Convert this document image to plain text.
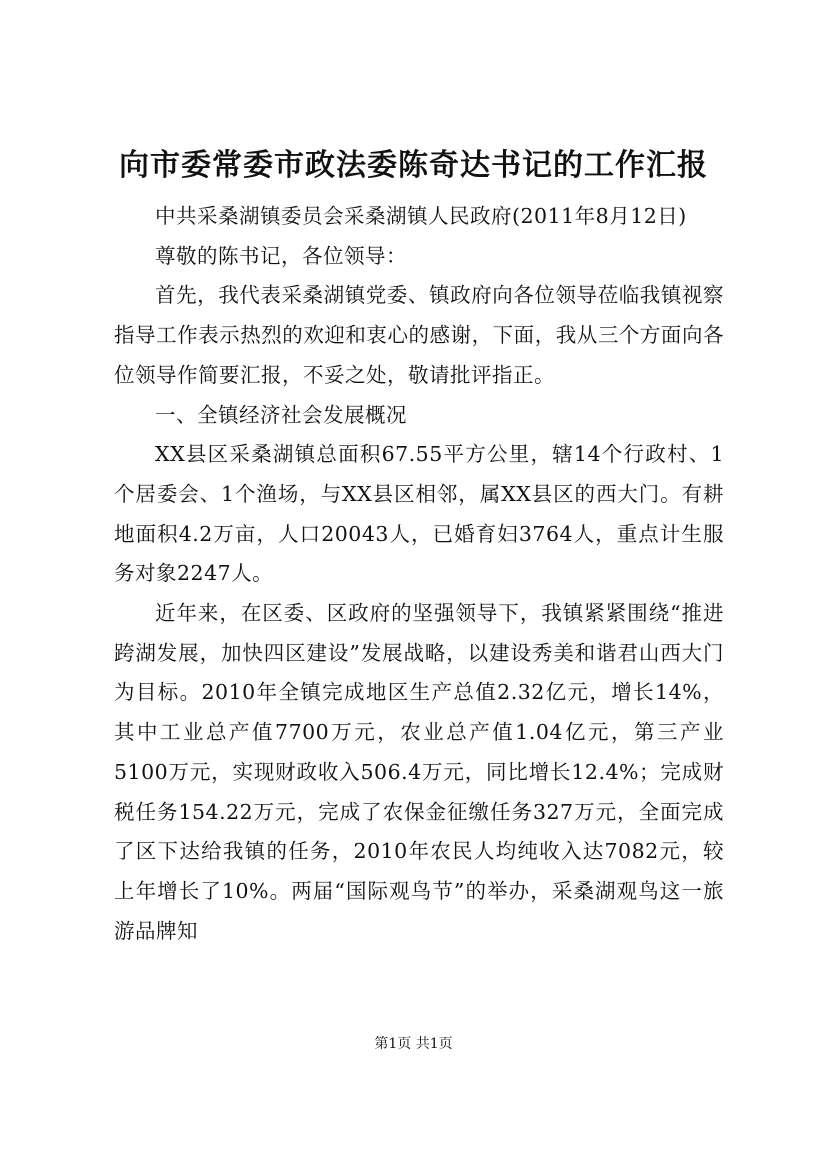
向市委常委市政法委陈奇达书记的工作汇报

中共采桑湖镇委员会采桑湖镇人民政府(2011年8月12日)

尊敬的陈书记，各位领导：

首先，我代表采桑湖镇党委、镇政府向各位领导莅临我镇视察指导工作表示热烈的欢迎和衷心的感谢，下面，我从三个方面向各位领导作简要汇报，不妥之处，敬请批评指正。

一、全镇经济社会发展概况

XX县区采桑湖镇总面积67.55平方公里，辖14个行政村、1个居委会、1个渔场，与XX县区相邻，属XX县区的西大门。有耕地面积4.2万亩，人口20043人，已婚育妇3764人，重点计生服务对象2247人。

近年来，在区委、区政府的坚强领导下，我镇紧紧围绕“推进跨湖发展，加快四区建设”发展战略，以建设秀美和谐君山西大门为目标。2010年全镇完成地区生产总值2.32亿元，增长14%，其中工业总产值7700万元，农业总产值1.04亿元，第三产业5100万元，实现财政收入506.4万元，同比增长12.4%；完成财税任务154.22万元，完成了农保金征缴任务327万元，全面完成了区下达给我镇的任务，2010年农民人均纯收入达7082元，较上年增长了10%。两届“国际观鸟节”的举办，采桑湖观鸟这一旅游品牌知

第1页 共1页
